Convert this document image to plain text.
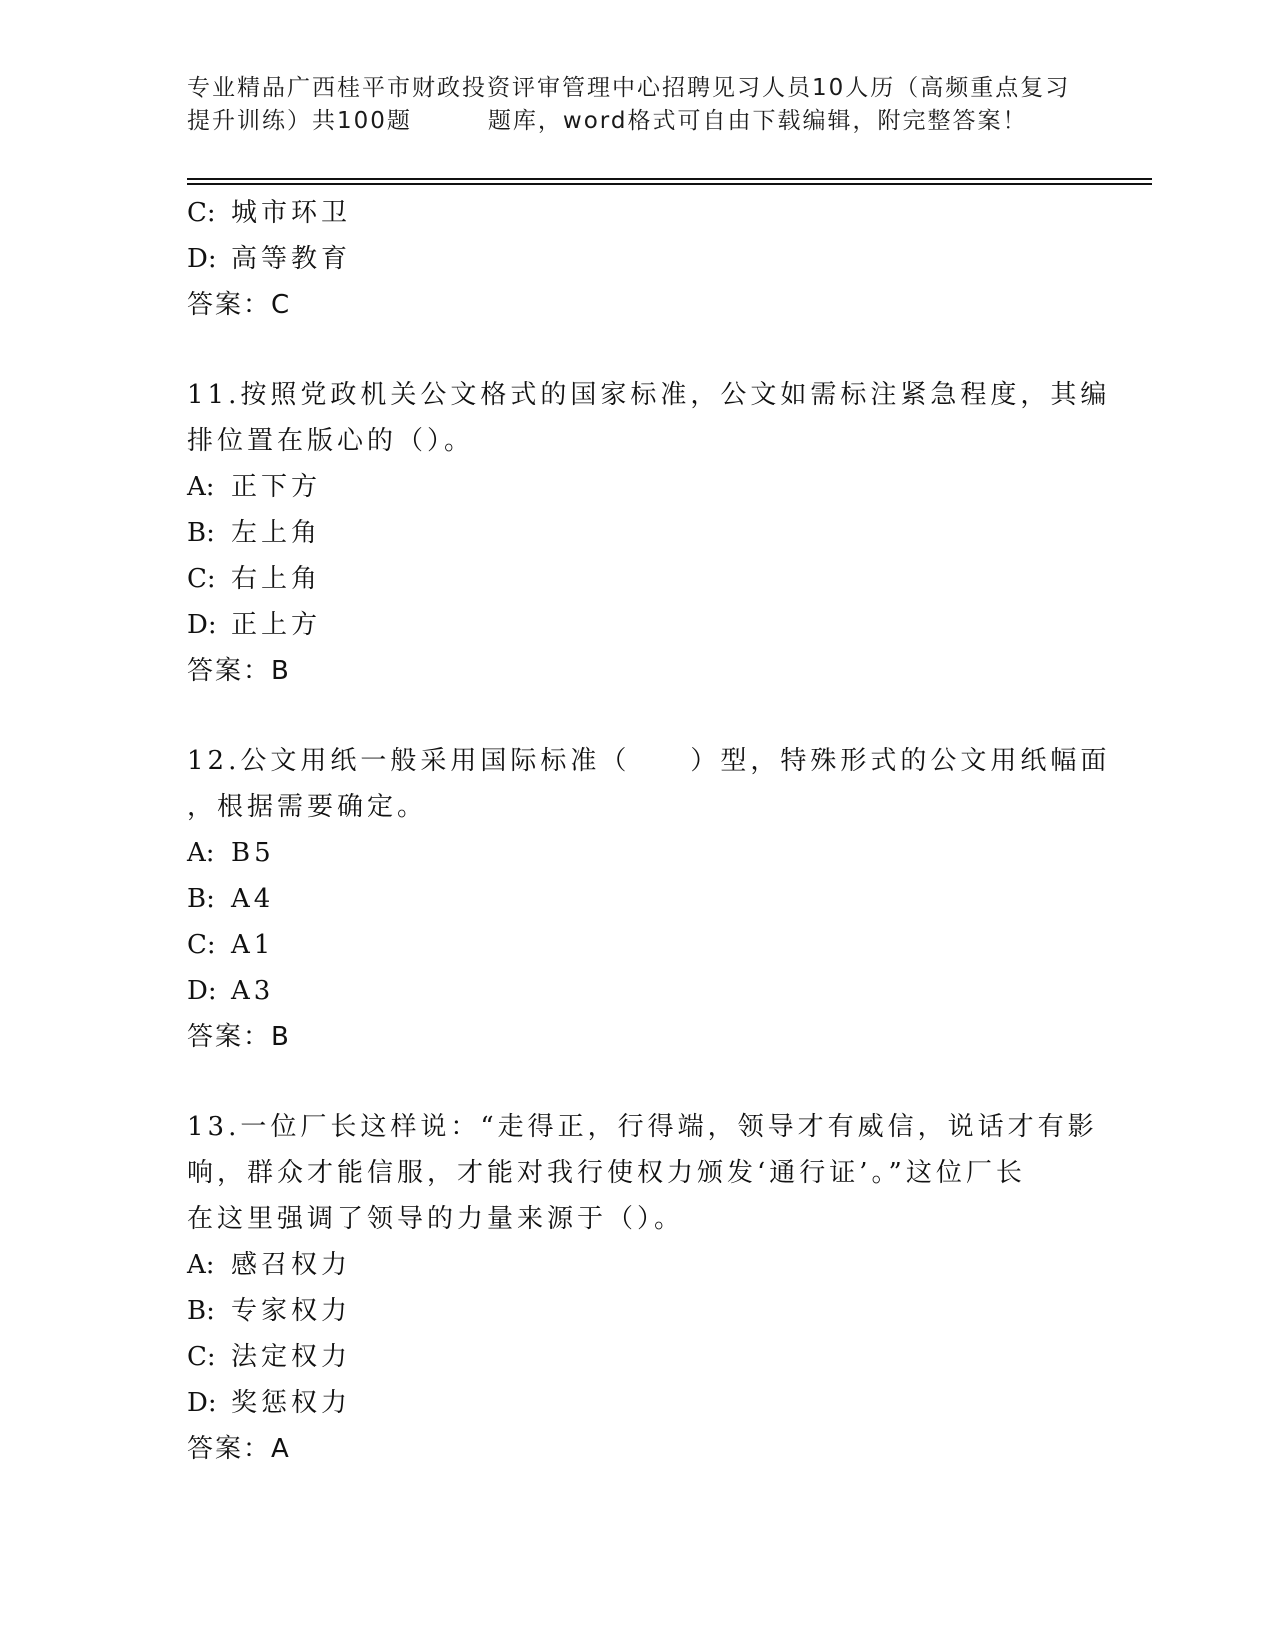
专业精品广西桂平市财政投资评审管理中心招聘见习人员10人历（高频重点复习
提升训练）共100题	题库，word格式可自由下载编辑，附完整答案！
C: 城市环卫
D: 高等教育
答案：C
11.按照党政机关公文格式的国家标准，公文如需标注紧急程度，其编
排位置在版心的（）。
A: 正下方
B: 左上角
C: 右上角
D: 正上方
答案：B
12.公文用纸一般采用国际标准（　　）型，特殊形式的公文用纸幅面
，根据需要确定。
A: B5
B: A4
C: A1
D: A3
答案：B
13.一位厂长这样说：“走得正，行得端，领导才有威信，说话才有影
响，群众才能信服，才能对我行使权力颁发‘通行证’。”这位厂长
在这里强调了领导的力量来源于（）。
A: 感召权力
B: 专家权力
C: 法定权力
D: 奖惩权力
答案：A
